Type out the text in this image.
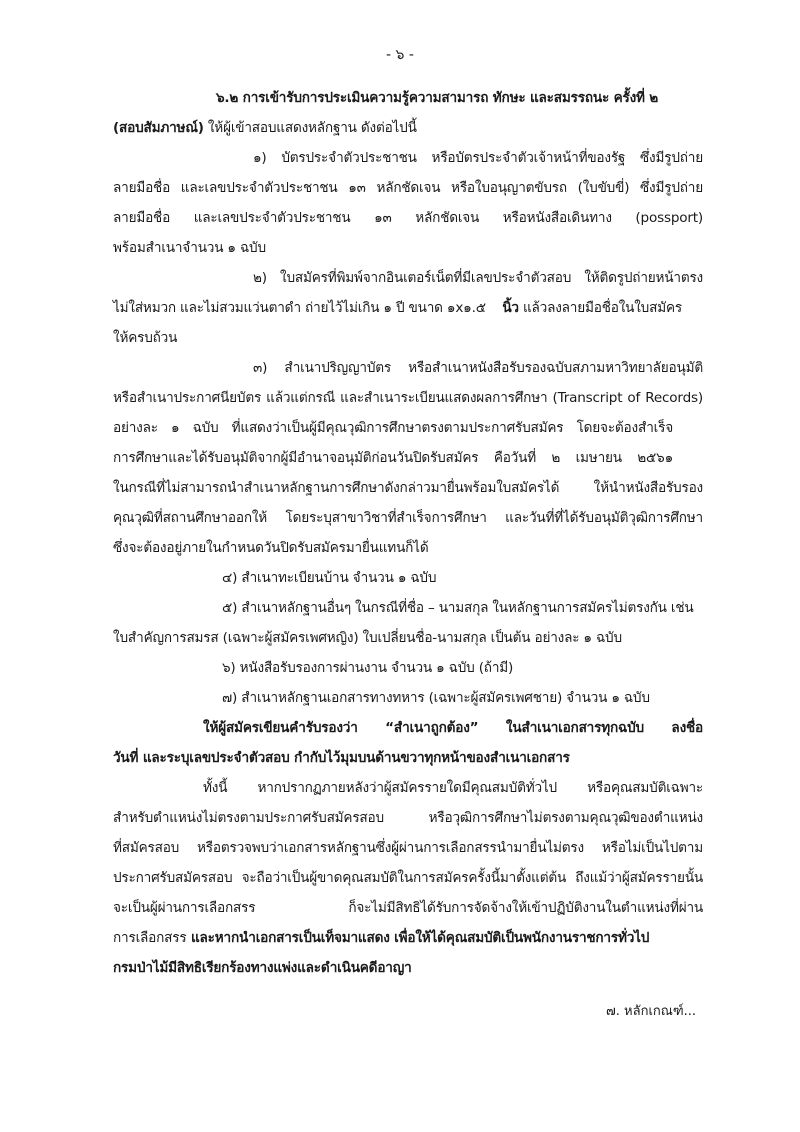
- ๖ -
๖.๒ การเข้ารับการประเมินความรู้ความสามารถ ทักษะ และสมรรถนะ ครั้งที่ ๒
(สอบสัมภาษณ์) ให้ผู้เข้าสอบแสดงหลักฐาน ดังต่อไปนี้
๑) บัตรประจำตัวประชาชน หรือบัตรประจำตัวเจ้าหน้าที่ของรัฐ ซึ่งมีรูปถ่าย
ลายมือชื่อ และเลขประจำตัวประชาชน ๑๓ หลักชัดเจน หรือใบอนุญาตขับรถ (ใบขับขี่) ซึ่งมีรูปถ่าย
ลายมือชื่อ และเลขประจำตัวประชาชน ๑๓ หลักชัดเจน หรือหนังสือเดินทาง (possport)
พร้อมสำเนาจำนวน ๑ ฉบับ
๒) ใบสมัครที่พิมพ์จากอินเตอร์เน็ตที่มีเลขประจำตัวสอบ ให้ติดรูปถ่ายหน้าตรง
ไม่ใส่หมวก และไม่สวมแว่นตาดำ ถ่ายไว้ไม่เกิน ๑ ปี ขนาด ๑x๑.๕ นิ้ว แล้วลงลายมือชื่อในใบสมัคร
ให้ครบถ้วน
๓) สำเนาปริญญาบัตร หรือสำเนาหนังสือรับรองฉบับสภามหาวิทยาลัยอนุมัติ
หรือสำเนาประกาศนียบัตร แล้วแต่กรณี และสำเนาระเบียนแสดงผลการศึกษา (Transcript of Records)
อย่างละ ๑ ฉบับ ที่แสดงว่าเป็นผู้มีคุณวุฒิการศึกษาตรงตามประกาศรับสมัคร โดยจะต้องสำเร็จ
การศึกษาและได้รับอนุมัติจากผู้มีอำนาจอนุมัติก่อนวันปิดรับสมัคร คือวันที่ ๒ เมษายน ๒๕๖๑
ในกรณีที่ไม่สามารถนำสำเนาหลักฐานการศึกษาดังกล่าวมายื่นพร้อมใบสมัครได้ ให้นำหนังสือรับรอง
คุณวุฒิที่สถานศึกษาออกให้ โดยระบุสาขาวิชาที่สำเร็จการศึกษา และวันที่ที่ได้รับอนุมัติวุฒิการศึกษา
ซึ่งจะต้องอยู่ภายในกำหนดวันปิดรับสมัครมายื่นแทนก็ได้
๔) สำเนาทะเบียนบ้าน จำนวน ๑ ฉบับ
๕) สำเนาหลักฐานอื่นๆ ในกรณีที่ชื่อ – นามสกุล ในหลักฐานการสมัครไม่ตรงกัน เช่น
ใบสำคัญการสมรส (เฉพาะผู้สมัครเพศหญิง) ใบเปลี่ยนชื่อ-นามสกุล เป็นต้น อย่างละ ๑ ฉบับ
๖) หนังสือรับรองการผ่านงาน จำนวน ๑ ฉบับ (ถ้ามี)
๗) สำเนาหลักฐานเอกสารทางทหาร (เฉพาะผู้สมัครเพศชาย) จำนวน ๑ ฉบับ
ให้ผู้สมัครเขียนคำรับรองว่า “สำเนาถูกต้อง” ในสำเนาเอกสารทุกฉบับ ลงชื่อ
วันที่ และระบุเลขประจำตัวสอบ กำกับไว้มุมบนด้านขวาทุกหน้าของสำเนาเอกสาร
ทั้งนี้ หากปรากฏภายหลังว่าผู้สมัครรายใดมีคุณสมบัติทั่วไป หรือคุณสมบัติเฉพาะ
สำหรับตำแหน่งไม่ตรงตามประกาศรับสมัครสอบ หรือวุฒิการศึกษาไม่ตรงตามคุณวุฒิของตำแหน่ง
ที่สมัครสอบ หรือตรวจพบว่าเอกสารหลักฐานซึ่งผู้ผ่านการเลือกสรรนำมายื่นไม่ตรง หรือไม่เป็นไปตาม
ประกาศรับสมัครสอบ จะถือว่าเป็นผู้ขาดคุณสมบัติในการสมัครครั้งนี้มาตั้งแต่ต้น ถึงแม้ว่าผู้สมัครรายนั้น
จะเป็นผู้ผ่านการเลือกสรร ก็จะไม่มีสิทธิได้รับการจัดจ้างให้เข้าปฏิบัติงานในตำแหน่งที่ผ่าน
การเลือกสรร และหากนำเอกสารเป็นเท็จมาแสดง เพื่อให้ได้คุณสมบัติเป็นพนักงานราชการทั่วไป
กรมป่าไม้มีสิทธิเรียกร้องทางแพ่งและดำเนินคดีอาญา
๗. หลักเกณฑ์...
